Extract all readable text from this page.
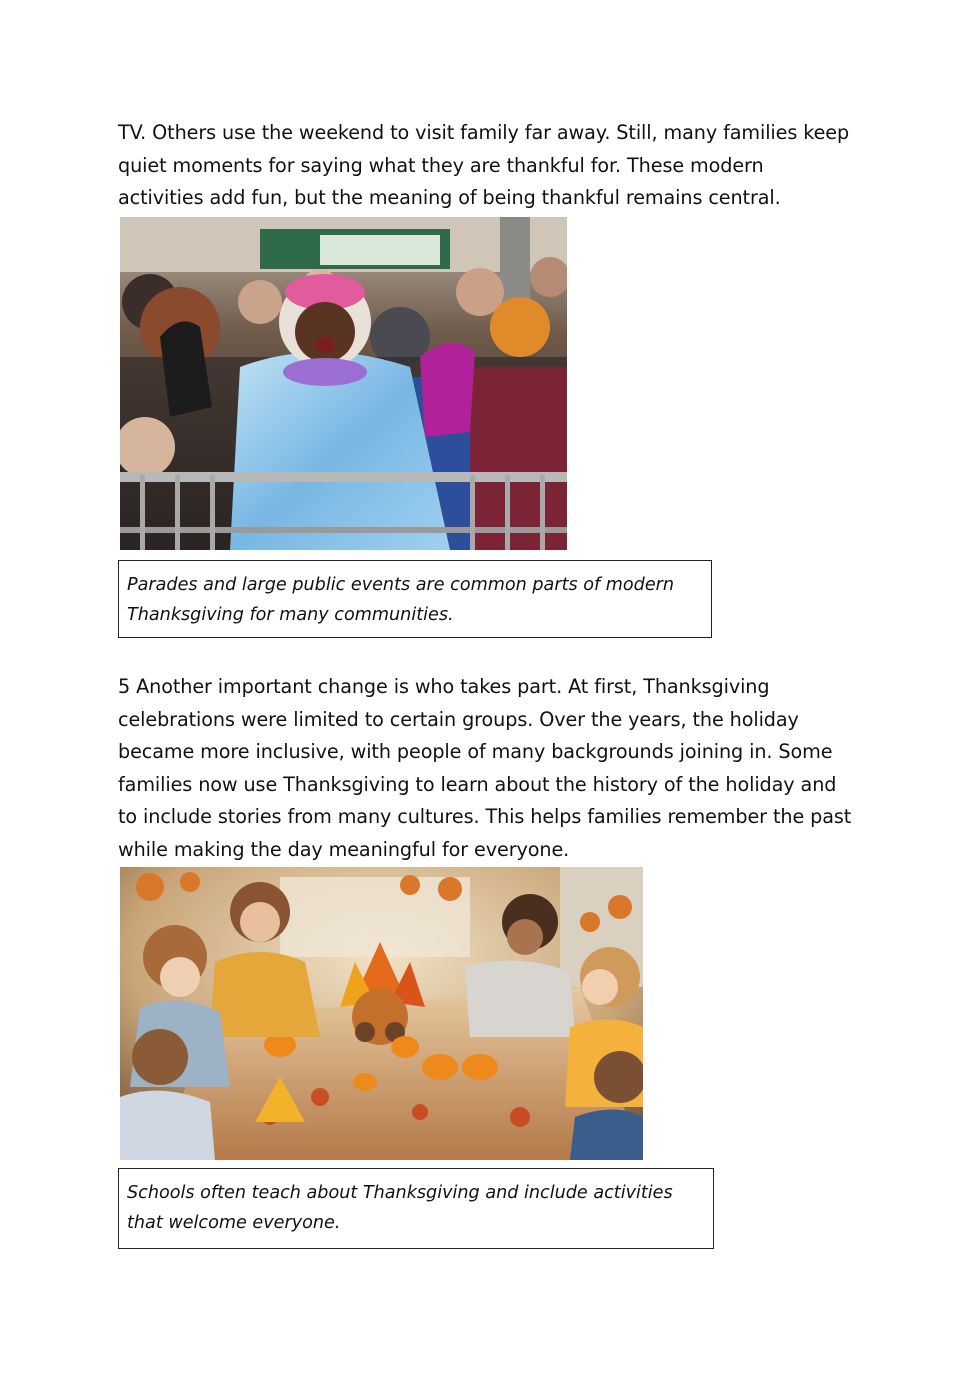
TV. Others use the weekend to visit family far away. Still, many families keep quiet moments for saying what they are thankful for. These modern activities add fun, but the meaning of being thankful remains central.

Parades and large public events are common parts of modern Thanksgiving for many communities.

5 Another important change is who takes part. At first, Thanksgiving celebrations were limited to certain groups. Over the years, the holiday became more inclusive, with people of many backgrounds joining in. Some families now use Thanksgiving to learn about the history of the holiday and to include stories from many cultures. This helps families remember the past while making the day meaningful for everyone.

Schools often teach about Thanksgiving and include activities that welcome everyone.
